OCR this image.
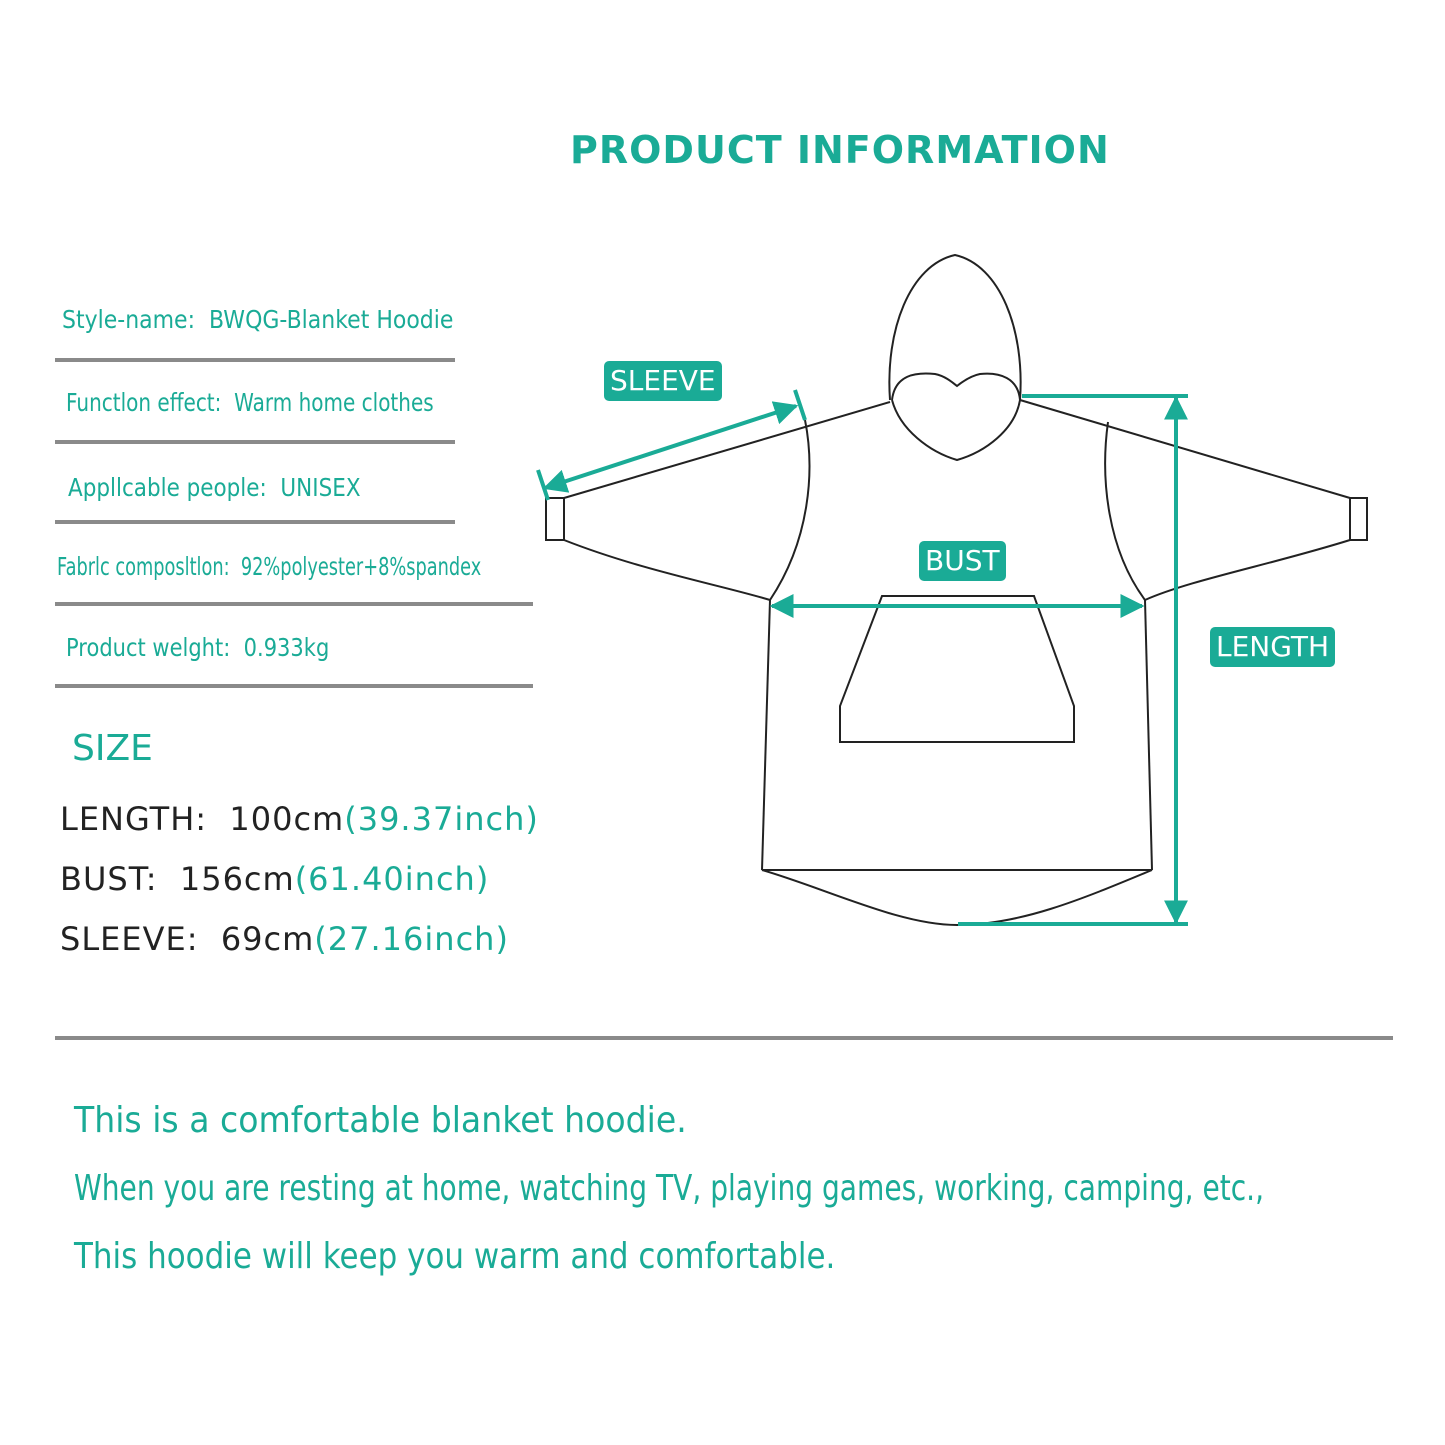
PRODUCT INFORMATION
Style-name: BWQG-Blanket Hoodie
Functlon effect: Warm home clothes
Appllcable people: UNISEX
Fabrlc composltlon: 92%polyester+8%spandex
Product welght: 0.933kg
SIZE
LENGTH: 100cm(39.37inch)
BUST: 156cm(61.40inch)
SLEEVE: 69cm(27.16inch)
SLEEVE
BUST
LENGTH
This is a comfortable blanket hoodie.
When you are resting at home, watching TV, playing games, working, camping, etc.,
This hoodie will keep you warm and comfortable.
